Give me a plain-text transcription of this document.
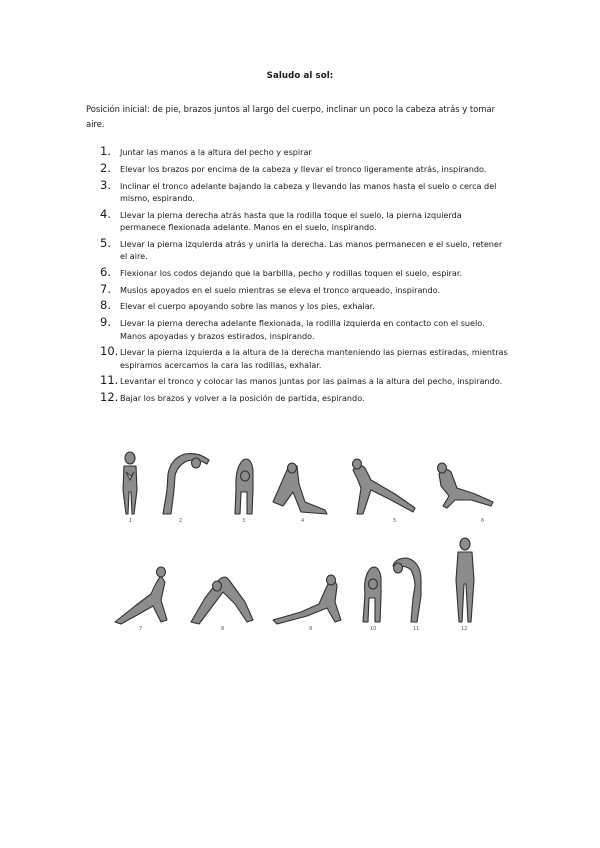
Saludo al sol:
Posición inicial: de pie, brazos juntos al largo del cuerpo, inclinar un poco la cabeza atrás y tomar aire.
1.	Juntar las manos a la altura del pecho y espirar
2.	Elevar los brazos por encima de la cabeza y llevar el tronco ligeramente atrás, inspirando.
3.	Inclinar el tronco adelante bajando la cabeza y llevando las manos hasta el suelo o cerca del mismo, espirando.
4.	Llevar la pierna derecha atrás hasta que la rodilla toque el suelo, la pierna izquierda permanece flexionada adelante. Manos en el suelo, inspirando.
5.	Llevar la pierna izquierda atrás y unirla la derecha. Las manos permanecen e el suelo, retener el aire.
6.	Flexionar los codos dejando que la barbilla, pecho y rodillas toquen el suelo, espirar.
7.	Muslos apoyados en el suelo mientras se eleva el tronco arqueado, inspirando.
8.	Elevar el cuerpo apoyando sobre las manos y los pies, exhalar.
9.	Llevar la pierna derecha adelante flexionada, la rodilla izquierda en contacto con el suelo. Manos apoyadas y brazos estirados, inspirando.
10. Llevar la pierna izquierda a la altura de la derecha manteniendo las piernas estiradas, mientras espiramos acercamos la cara las rodillas, exhalar.
11. Levantar el tronco y colocar las manos juntas por las palmas a la altura del pecho, inspirando.
12. Bajar los brazos y volver a la posición de partida, espirando.
1	2	3	4	5	6
7	8	9	10	11	12
